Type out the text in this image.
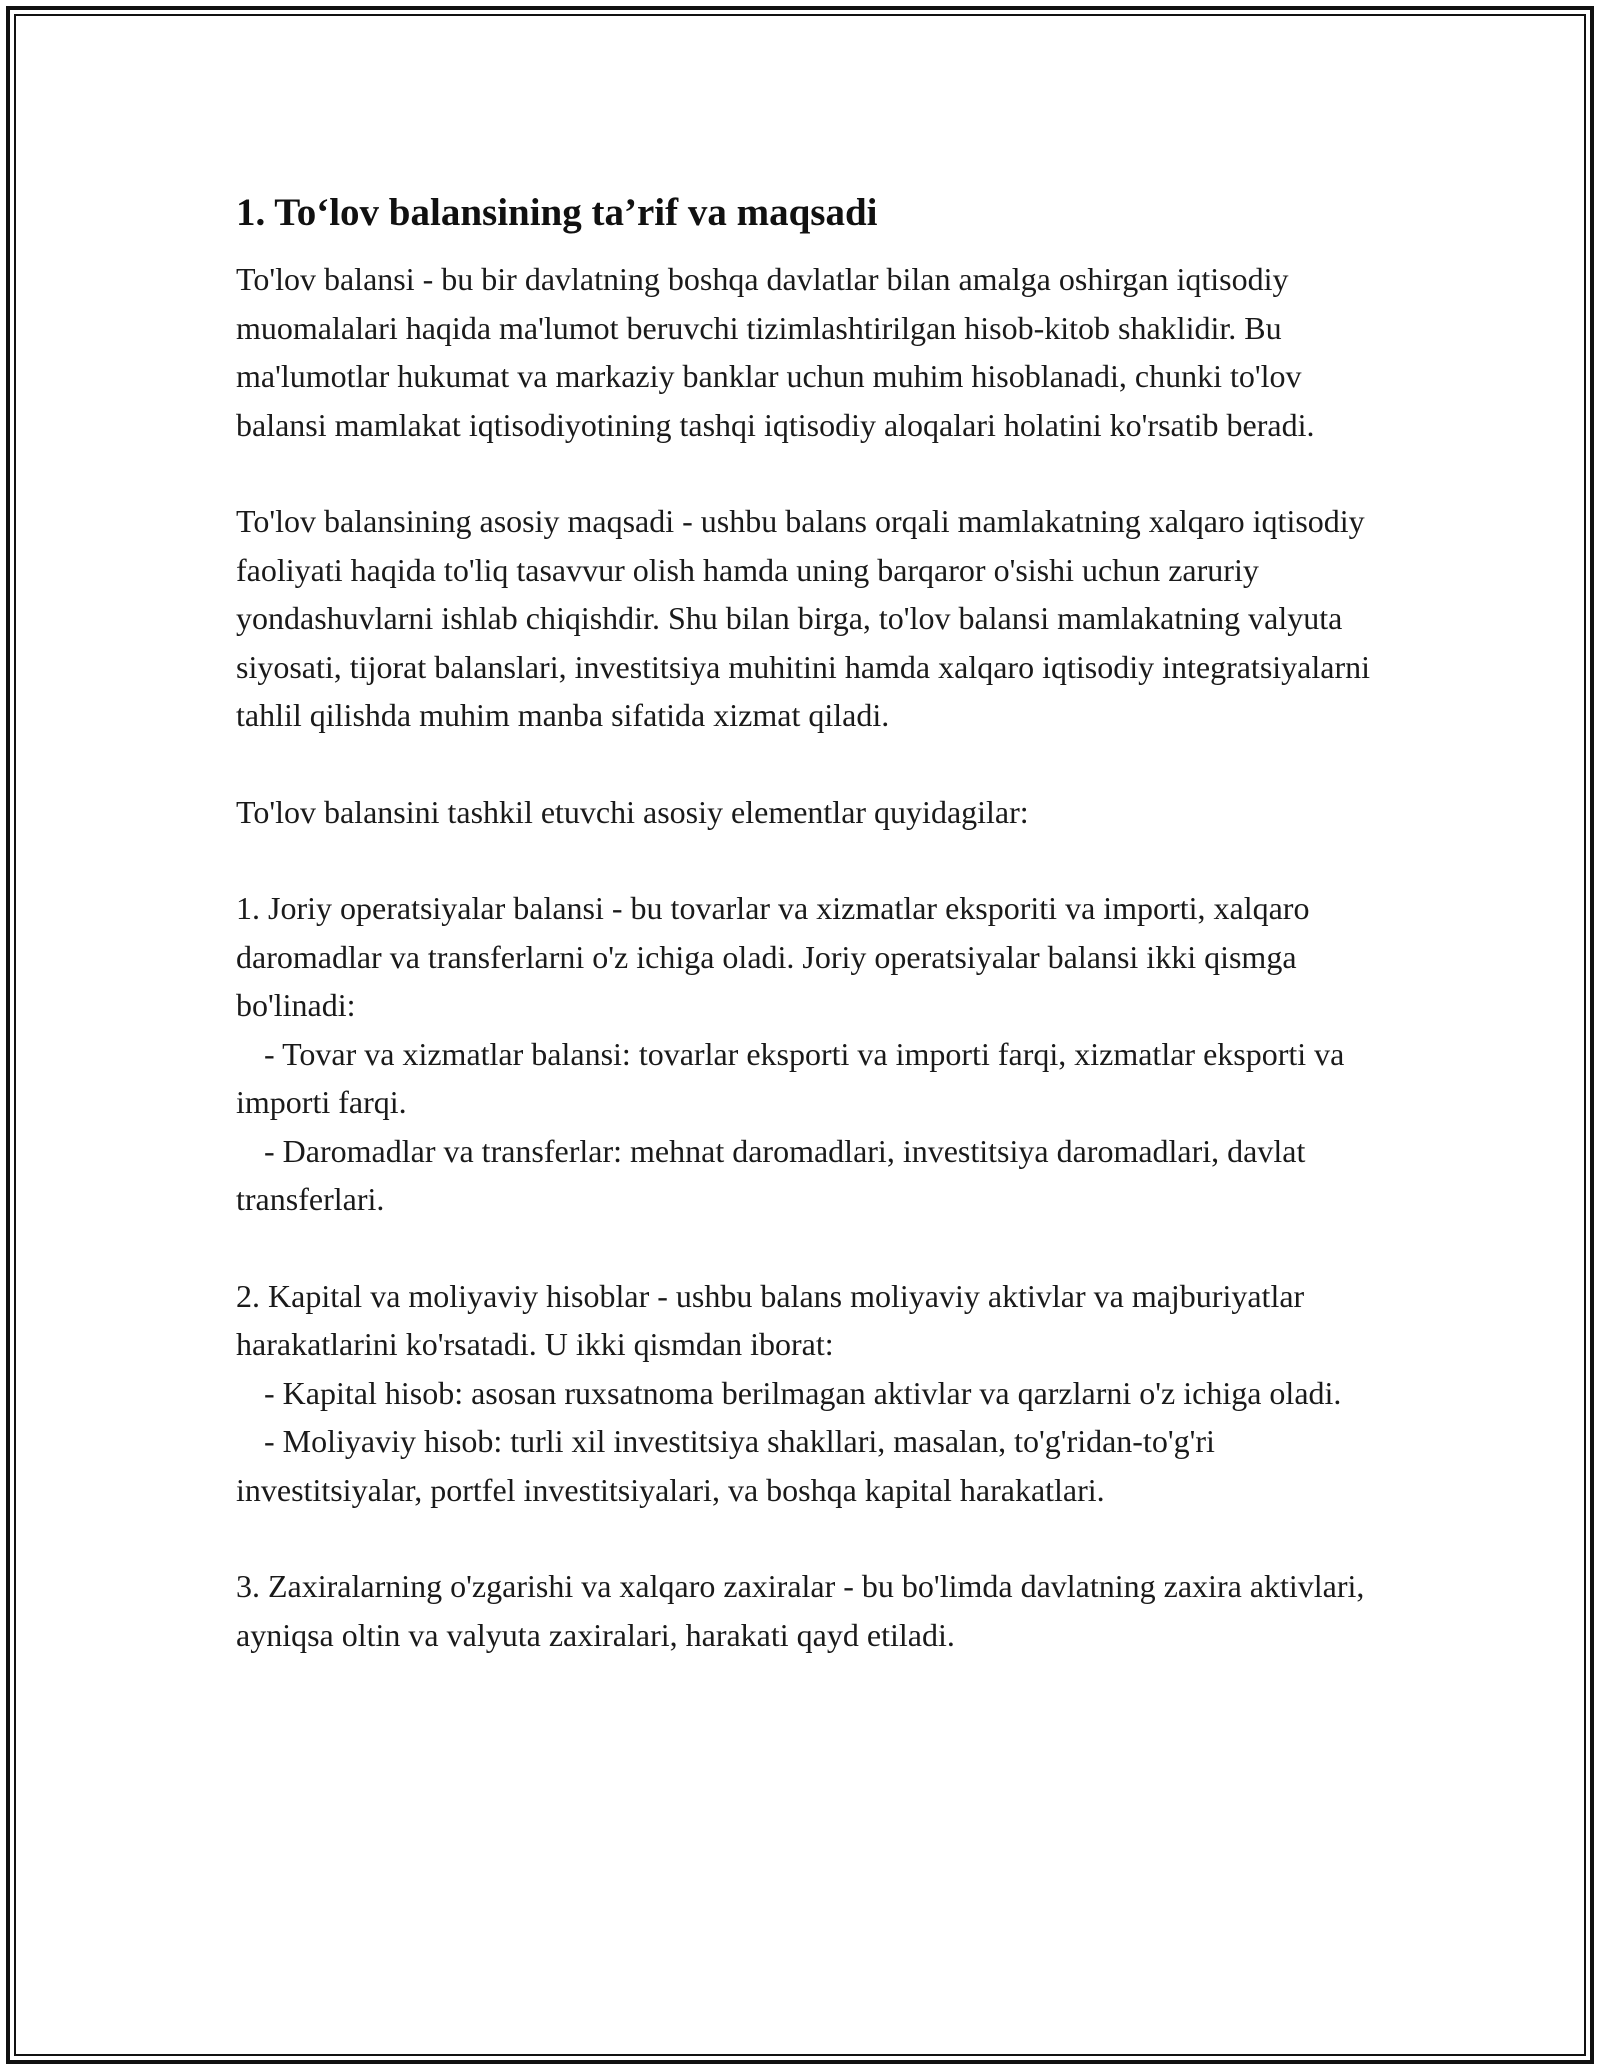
1. To‘lov balansining ta’rif va maqsadi

To'lov balansi - bu bir davlatning boshqa davlatlar bilan amalga oshirgan iqtisodiy muomalalari haqida ma'lumot beruvchi tizimlashtirilgan hisob-kitob shaklidir. Bu ma'lumotlar hukumat va markaziy banklar uchun muhim hisoblanadi, chunki to'lov balansi mamlakat iqtisodiyotining tashqi iqtisodiy aloqalari holatini ko'rsatib beradi.

To'lov balansining asosiy maqsadi - ushbu balans orqali mamlakatning xalqaro iqtisodiy faoliyati haqida to'liq tasavvur olish hamda uning barqaror o'sishi uchun zaruriy yondashuvlarni ishlab chiqishdir. Shu bilan birga, to'lov balansi mamlakatning valyuta siyosati, tijorat balanslari, investitsiya muhitini hamda xalqaro iqtisodiy integratsiyalarni tahlil qilishda muhim manba sifatida xizmat qiladi.

To'lov balansini tashkil etuvchi asosiy elementlar quyidagilar:

1. Joriy operatsiyalar balansi - bu tovarlar va xizmatlar eksporiti va importi, xalqaro daromadlar va transferlarni o'z ichiga oladi. Joriy operatsiyalar balansi ikki qismga bo'linadi:

- Tovar va xizmatlar balansi: tovarlar eksporti va importi farqi, xizmatlar eksporti va importi farqi.

- Daromadlar va transferlar: mehnat daromadlari, investitsiya daromadlari, davlat transferlari.

2. Kapital va moliyaviy hisoblar - ushbu balans moliyaviy aktivlar va majburiyatlar harakatlarini ko'rsatadi. U ikki qismdan iborat:

- Kapital hisob: asosan ruxsatnoma berilmagan aktivlar va qarzlarni o'z ichiga oladi.

- Moliyaviy hisob: turli xil investitsiya shakllari, masalan, to'g'ridan-to'g'ri investitsiyalar, portfel investitsiyalari, va boshqa kapital harakatlari.

3. Zaxiralarning o'zgarishi va xalqaro zaxiralar - bu bo'limda davlatning zaxira aktivlari, ayniqsa oltin va valyuta zaxiralari, harakati qayd etiladi.
